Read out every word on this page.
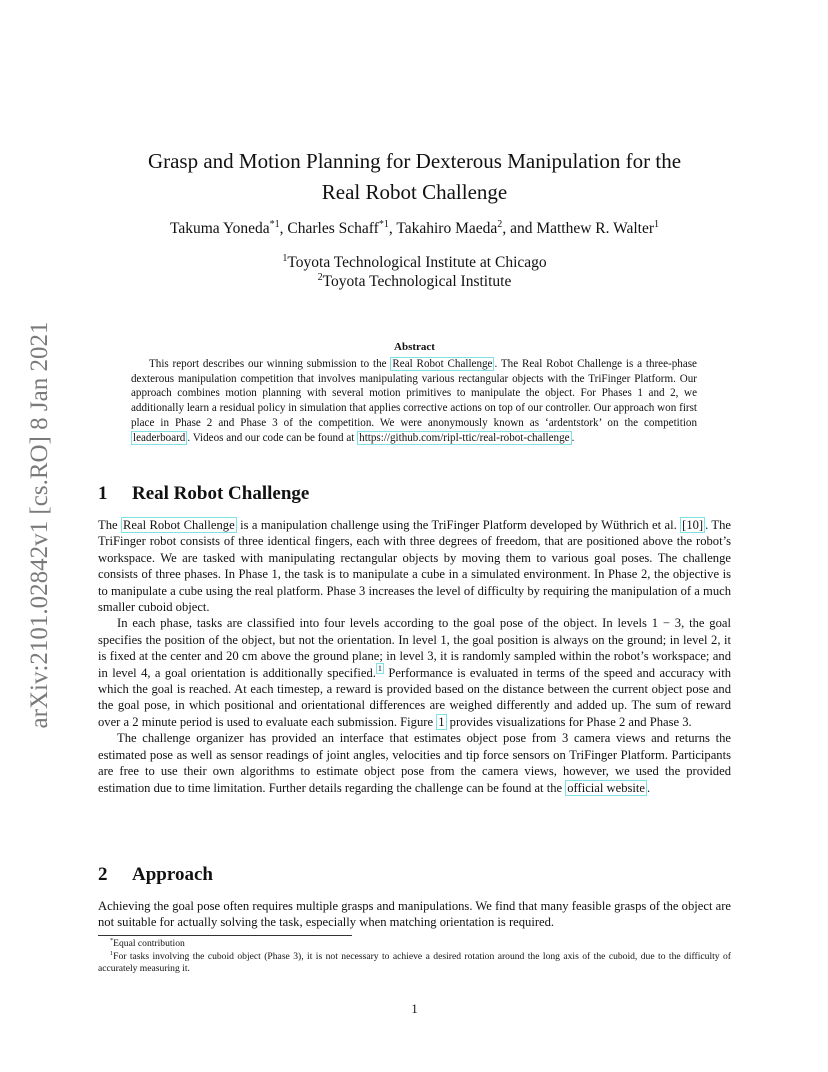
arXiv:2101.02842v1 [cs.RO] 8 Jan 2021
Grasp and Motion Planning for Dexterous Manipulation for the
Real Robot Challenge
Takuma Yoneda$^{*1}$, Charles Schaff$^{*1}$, Takahiro Maeda$^2$, and Matthew R. Walter$^1$
$^1$Toyota Technological Institute at Chicago
$^2$Toyota Technological Institute
Abstract
This report describes our winning submission to the Real Robot Challenge . The Real Robot Challenge is a three-phase dexterous manipulation competition that involves manipulating various rectangular objects with the TriFinger Platform. Our approach combines motion planning with several motion primitives to manipulate the object. For Phases 1 and 2, we additionally learn a residual policy in simulation that applies corrective actions on top of our controller. Our approach won first place in Phase 2 and Phase 3 of the competition. We were anonymously known as ‘ardentstork’ on the competition leaderboard . Videos and our code can be found at https://github.com/ripl-ttic/real-robot-challenge .
1 Real Robot Challenge

The Real Robot Challenge is a manipulation challenge using the TriFinger Platform developed by Wüthrich et al. [10] . The TriFinger robot consists of three identical fingers, each with three degrees of freedom, that are positioned above the robot’s workspace. We are tasked with manipulating rectangular objects by moving them to various goal poses. The challenge consists of three phases. In Phase 1, the task is to manipulate a cube in a simulated environment. In Phase 2, the objective is to manipulate a cube using the real platform. Phase 3 increases the level of difficulty by requiring the manipulation of a much smaller cuboid object.

In each phase, tasks are classified into four levels according to the goal pose of the object. In levels 1 − 3, the goal specifies the position of the object, but not the orientation. In level 1, the goal position is always on the ground; in level 2, it is fixed at the center and 20 cm above the ground plane; in level 3, it is randomly sampled within the robot’s workspace; and in level 4, a goal orientation is additionally specified. $^1$ Performance is evaluated in terms of the speed and accuracy with which the goal is reached. At each timestep, a reward is provided based on the distance between the current object pose and the goal pose, in which positional and orientational differences are weighed differently and added up. The sum of reward over a 2 minute period is used to evaluate each submission. Figure 1 provides visualizations for Phase 2 and Phase 3.

The challenge organizer has provided an interface that estimates object pose from 3 camera views and returns the estimated pose as well as sensor readings of joint angles, velocities and tip force sensors on TriFinger Platform. Participants are free to use their own algorithms to estimate object pose from the camera views, however, we used the provided estimation due to time limitation. Further details regarding the challenge can be found at the official website .

2 Approach

Achieving the goal pose often requires multiple grasps and manipulations. We find that many feasible grasps of the object are not suitable for actually solving the task, especially when matching orientation is required.

*Equal contribution
$^1$For tasks involving the cuboid object (Phase 3), it is not necessary to achieve a desired rotation around the long axis of the cuboid, due to the difficulty of accurately measuring it.
1
